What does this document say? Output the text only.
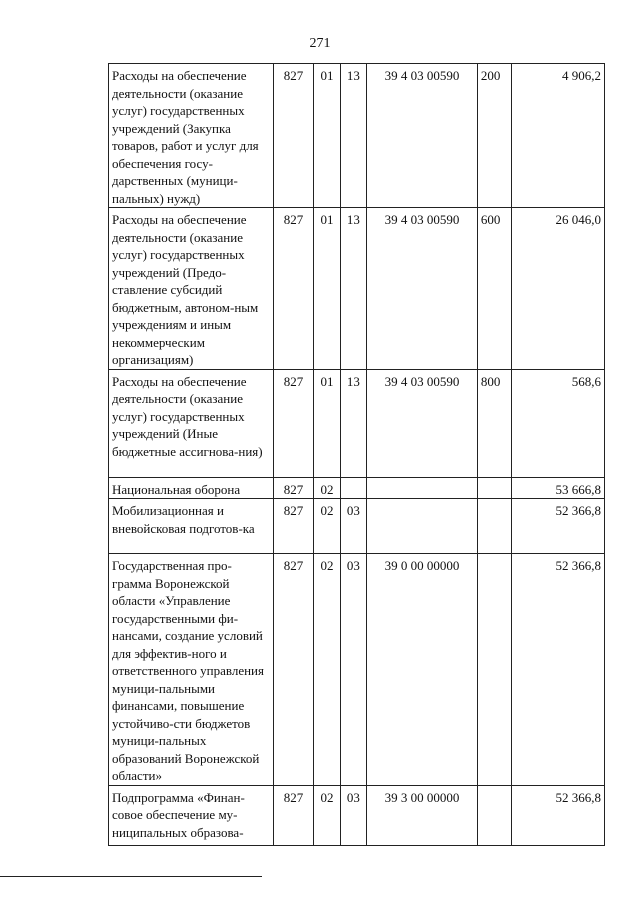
271
Расходы на обеспечение деятельности (оказание услуг) государственных учреждений (Закупка товаров, работ и услуг для обеспечения госу-дарственных (муници-пальных) нужд)	827	01	13	39 4 03 00590	200	4 906,2
Расходы на обеспечение деятельности (оказание услуг) государственных учреждений (Предо-ставление субсидий бюджетным, автоном-ным учреждениям и иным некоммерческим организациям)	827	01	13	39 4 03 00590	600	26 046,0
Расходы на обеспечение деятельности (оказание услуг) государственных учреждений (Иные бюджетные ассигнова-ния)	827	01	13	39 4 03 00590	800	568,6
Национальная оборона	827	02				53 666,8
Мобилизационная и вневойсковая подготов-ка	827	02	03			52 366,8
Государственная про-грамма Воронежской области «Управление государственными фи-нансами, создание условий для эффектив-ного и ответственного управления муници-пальными финансами, повышение устойчиво-сти бюджетов муници-пальных образований Воронежской области»	827	02	03	39 0 00 00000		52 366,8
Подпрограмма «Финан-совое обеспечение му-ниципальных образова-	827	02	03	39 3 00 00000		52 366,8
